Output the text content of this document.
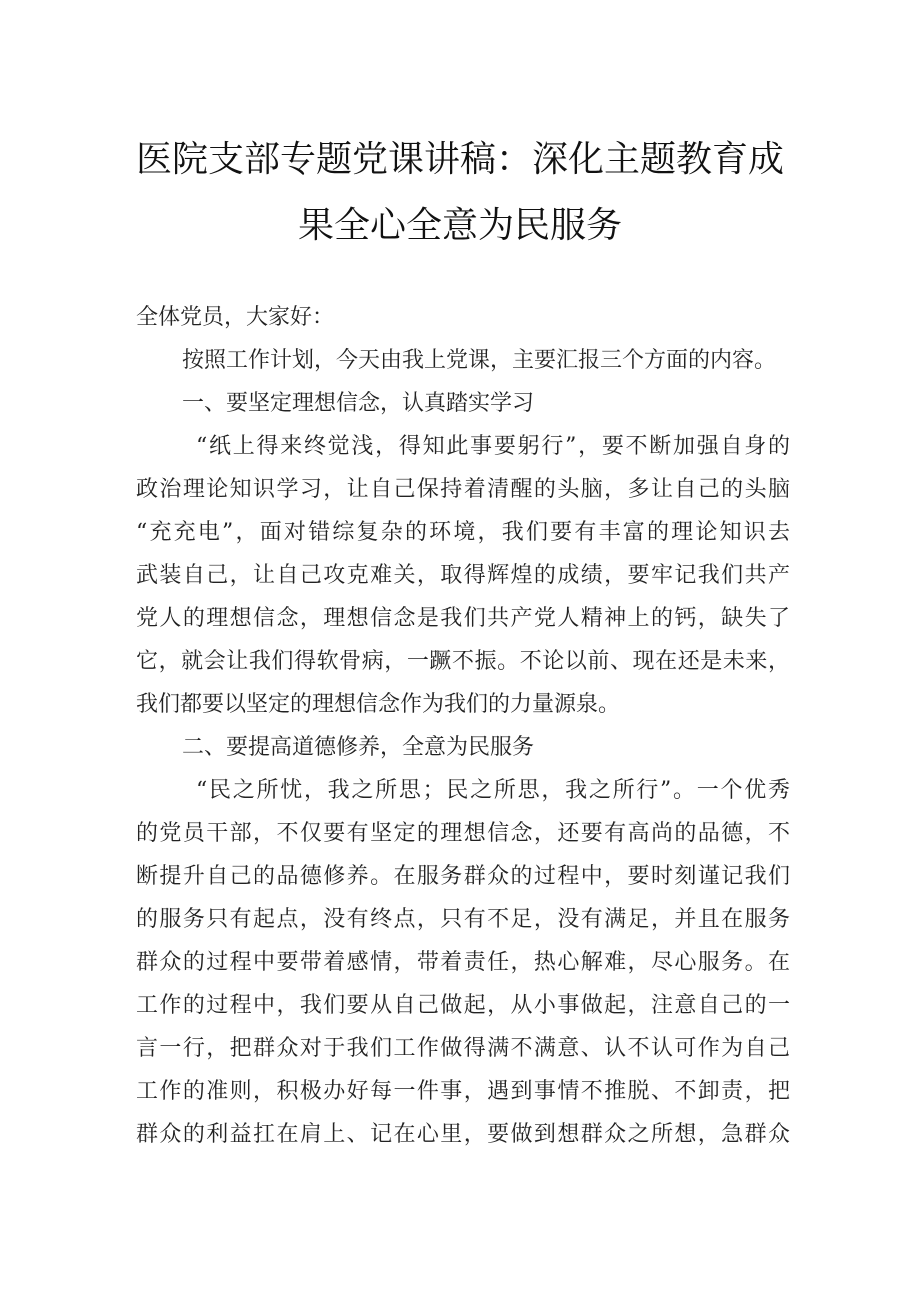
医院支部专题党课讲稿：深化主题教育成
果全心全意为民服务
全体党员，大家好：
按照工作计划，今天由我上党课，主要汇报三个方面的内容。
一、要坚定理想信念，认真踏实学习
“纸上得来终觉浅，得知此事要躬行”，要不断加强自身的
政治理论知识学习，让自己保持着清醒的头脑，多让自己的头脑
“充充电”，面对错综复杂的环境，我们要有丰富的理论知识去
武装自己，让自己攻克难关，取得辉煌的成绩，要牢记我们共产
党人的理想信念，理想信念是我们共产党人精神上的钙，缺失了
它，就会让我们得软骨病，一蹶不振。不论以前、现在还是未来，
我们都要以坚定的理想信念作为我们的力量源泉。
二、要提高道德修养，全意为民服务
“民之所忧，我之所思；民之所思，我之所行”。一个优秀
的党员干部，不仅要有坚定的理想信念，还要有高尚的品德，不
断提升自己的品德修养。在服务群众的过程中，要时刻谨记我们
的服务只有起点，没有终点，只有不足，没有满足，并且在服务
群众的过程中要带着感情，带着责任，热心解难，尽心服务。在
工作的过程中，我们要从自己做起，从小事做起，注意自己的一
言一行，把群众对于我们工作做得满不满意、认不认可作为自己
工作的准则，积极办好每一件事，遇到事情不推脱、不卸责，把
群众的利益扛在肩上、记在心里，要做到想群众之所想，急群众
